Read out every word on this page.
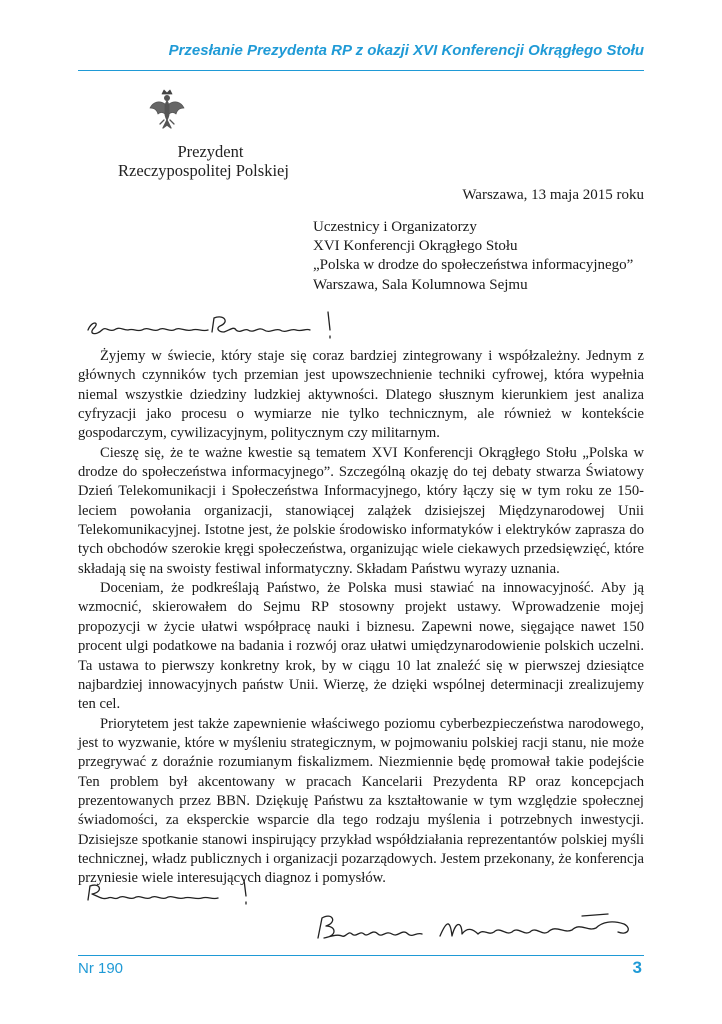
Przesłanie Prezydenta RP z okazji XVI Konferencji Okrągłego Stołu
Prezydent
Rzeczypospolitej Polskiej
Warszawa, 13 maja 2015 roku
Uczestnicy i Organizatorzy
XVI Konferencji Okrągłego Stołu
„Polska w drodze do społeczeństwa informacyjnego”
Warszawa, Sala Kolumnowa Sejmu

Żyjemy w świecie, który staje się coraz bardziej zintegrowany i współzależny. Jednym z głównych czynników tych przemian jest upowszechnienie techniki cyfrowej, która wypełnia niemal wszystkie dziedziny ludzkiej aktywności. Dlatego słusznym kierunkiem jest analiza cyfryzacji jako procesu o wymiarze nie tylko technicznym, ale również w kontekście gospodarczym, cywilizacyjnym, politycznym czy militarnym.

Cieszę się, że te ważne kwestie są tematem XVI Konferencji Okrągłego Stołu „Polska w drodze do społeczeństwa informacyjnego”. Szczególną okazję do tej debaty stwarza Światowy Dzień Telekomunikacji i Społeczeństwa Informacyjnego, który łączy się w tym roku ze 150-leciem powołania organizacji, stanowiącej zalążek dzisiejszej Międzynarodowej Unii Telekomunikacyjnej. Istotne jest, że polskie środowisko informatyków i elektryków zaprasza do tych obchodów szerokie kręgi społeczeństwa, organizując wiele ciekawych przedsięwzięć, które składają się na swoisty festiwal informatyczny. Składam Państwu wyrazy uznania.

Doceniam, że podkreślają Państwo, że Polska musi stawiać na innowacyjność. Aby ją wzmocnić, skierowałem do Sejmu RP stosowny projekt ustawy. Wprowadzenie mojej propozycji w życie ułatwi współpracę nauki i biznesu. Zapewni nowe, sięgające nawet 150 procent ulgi podatkowe na badania i rozwój oraz ułatwi umiędzynarodowienie polskich uczelni. Ta ustawa to pierwszy konkretny krok, by w ciągu 10 lat znaleźć się w pierwszej dziesiątce najbardziej innowacyjnych państw Unii. Wierzę, że dzięki wspólnej determinacji zrealizujemy ten cel.

Priorytetem jest także zapewnienie właściwego poziomu cyberbezpieczeństwa narodowego, jest to wyzwanie, które w myśleniu strategicznym, w pojmowaniu polskiej racji stanu, nie może przegrywać z doraźnie rozumianym fiskalizmem. Niezmiennie będę promował takie podejście Ten problem był akcentowany w pracach Kancelarii Prezydenta RP oraz koncepcjach prezentowanych przez BBN. Dziękuję Państwu za kształtowanie w tym względzie społecznej świadomości, za eksperckie wsparcie dla tego rodzaju myślenia i potrzebnych inwestycji. Dzisiejsze spotkanie stanowi inspirujący przykład współdziałania reprezentantów polskiej myśli technicznej, władz publicznych i organizacji pozarządowych. Jestem przekonany, że konferencja przyniesie wiele interesujących diagnoz i pomysłów.

Nr 190	3
